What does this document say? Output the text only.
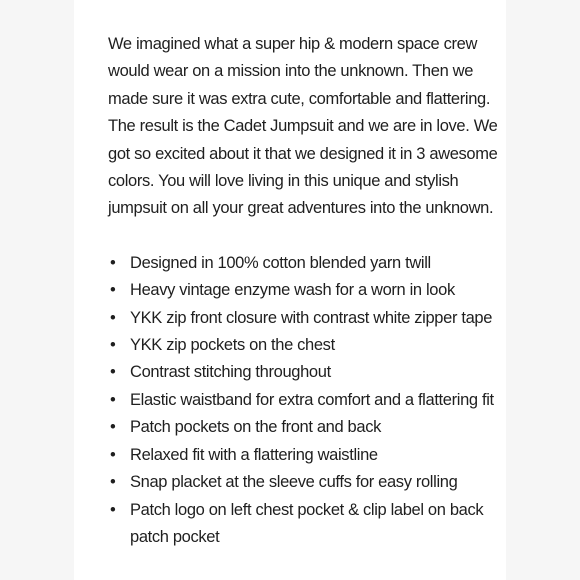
We imagined what a super hip & modern space crew would wear on a mission into the unknown. Then we made sure it was extra cute, comfortable and flattering. The result is the Cadet Jumpsuit and we are in love. We got so excited about it that we designed it in 3 awesome colors. You will love living in this unique and stylish jumpsuit on all your great adventures into the unknown.

• Designed in 100% cotton blended yarn twill
• Heavy vintage enzyme wash for a worn in look
• YKK zip front closure with contrast white zipper tape
• YKK zip pockets on the chest
• Contrast stitching throughout
• Elastic waistband for extra comfort and a flattering fit
• Patch pockets on the front and back
• Relaxed fit with a flattering waistline
• Snap placket at the sleeve cuffs for easy rolling
• Patch logo on left chest pocket & clip label on back patch pocket
